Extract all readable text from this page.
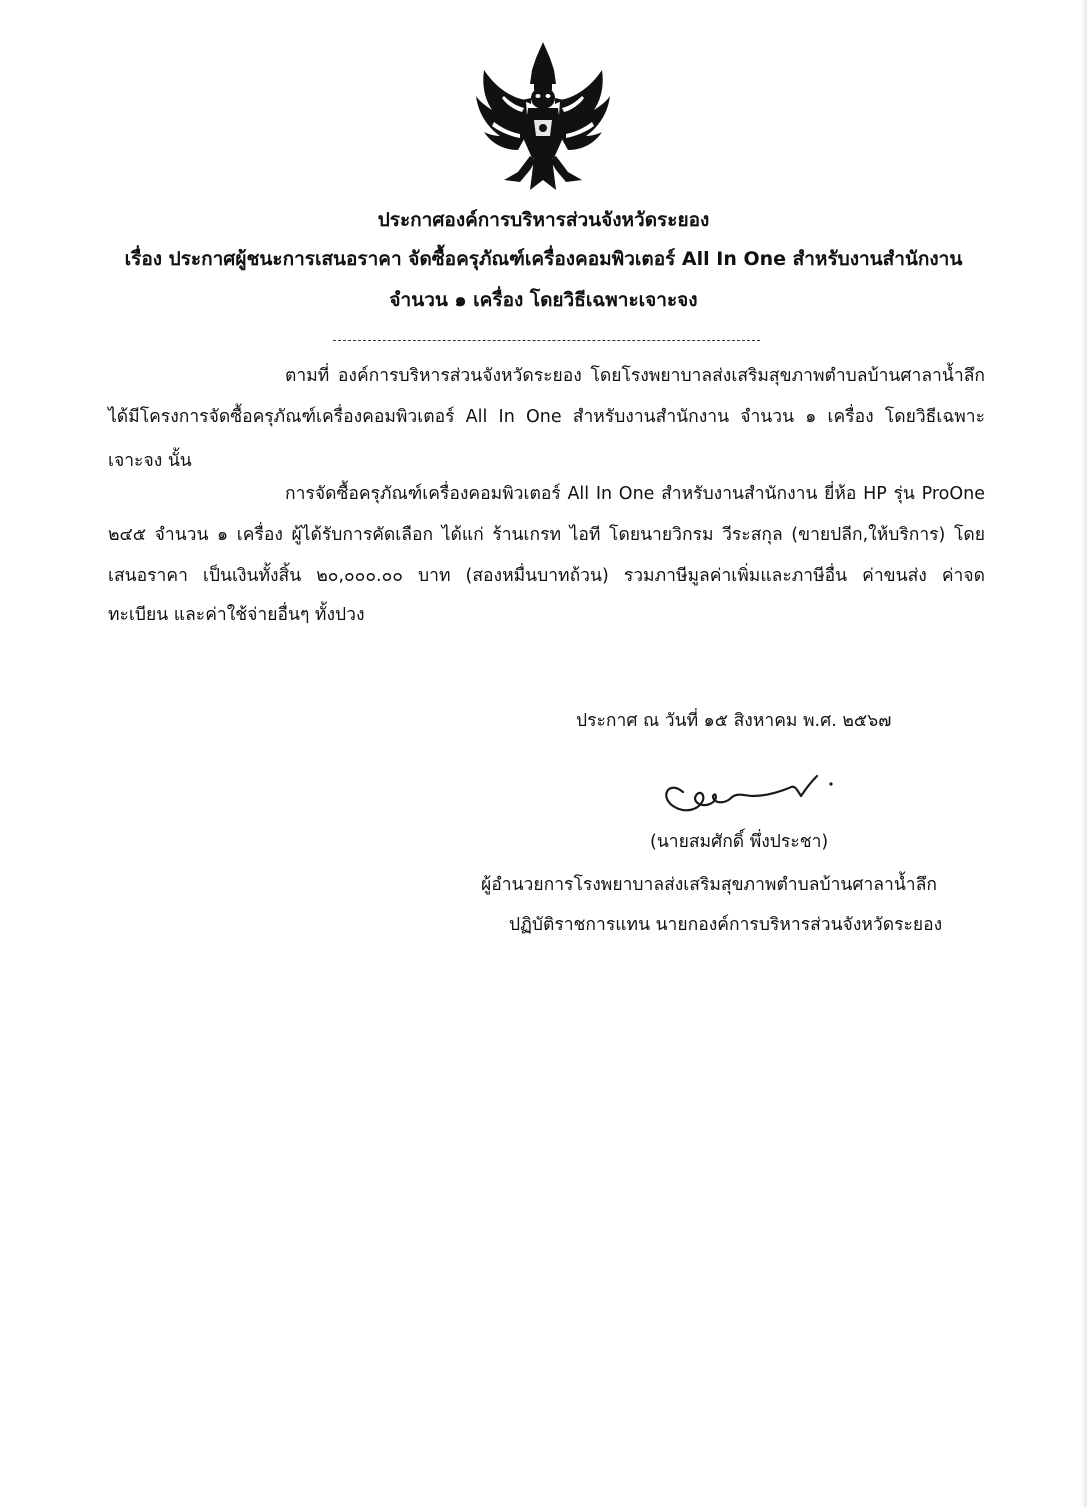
ประกาศองค์การบริหารส่วนจังหวัดระยอง
เรื่อง ประกาศผู้ชนะการเสนอราคา จัดซื้อครุภัณฑ์เครื่องคอมพิวเตอร์ All In One สำหรับงานสำนักงาน
จำนวน ๑ เครื่อง โดยวิธีเฉพาะเจาะจง
ตามที่ องค์การบริหารส่วนจังหวัดระยอง โดยโรงพยาบาลส่งเสริมสุขภาพตำบลบ้านศาลาน้ำลึก
ได้มีโครงการจัดซื้อครุภัณฑ์เครื่องคอมพิวเตอร์ All In One สำหรับงานสำนักงาน จำนวน ๑ เครื่อง โดยวิธีเฉพาะ
เจาะจง นั้น
การจัดซื้อครุภัณฑ์เครื่องคอมพิวเตอร์ All In One สำหรับงานสำนักงาน ยี่ห้อ HP รุ่น ProOne
๒๔๕ จำนวน ๑ เครื่อง ผู้ได้รับการคัดเลือก ได้แก่ ร้านเกรท ไอที โดยนายวิกรม วีระสกุล (ขายปลีก,ให้บริการ) โดย
เสนอราคา เป็นเงินทั้งสิ้น ๒๐,๐๐๐.๐๐ บาท (สองหมื่นบาทถ้วน) รวมภาษีมูลค่าเพิ่มและภาษีอื่น ค่าขนส่ง ค่าจด
ทะเบียน และค่าใช้จ่ายอื่นๆ ทั้งปวง
ประกาศ ณ วันที่ ๑๕ สิงหาคม พ.ศ. ๒๕๖๗
(นายสมศักดิ์ พึ่งประชา)
ผู้อำนวยการโรงพยาบาลส่งเสริมสุขภาพตำบลบ้านศาลาน้ำลึก
ปฏิบัติราชการแทน นายกองค์การบริหารส่วนจังหวัดระยอง
